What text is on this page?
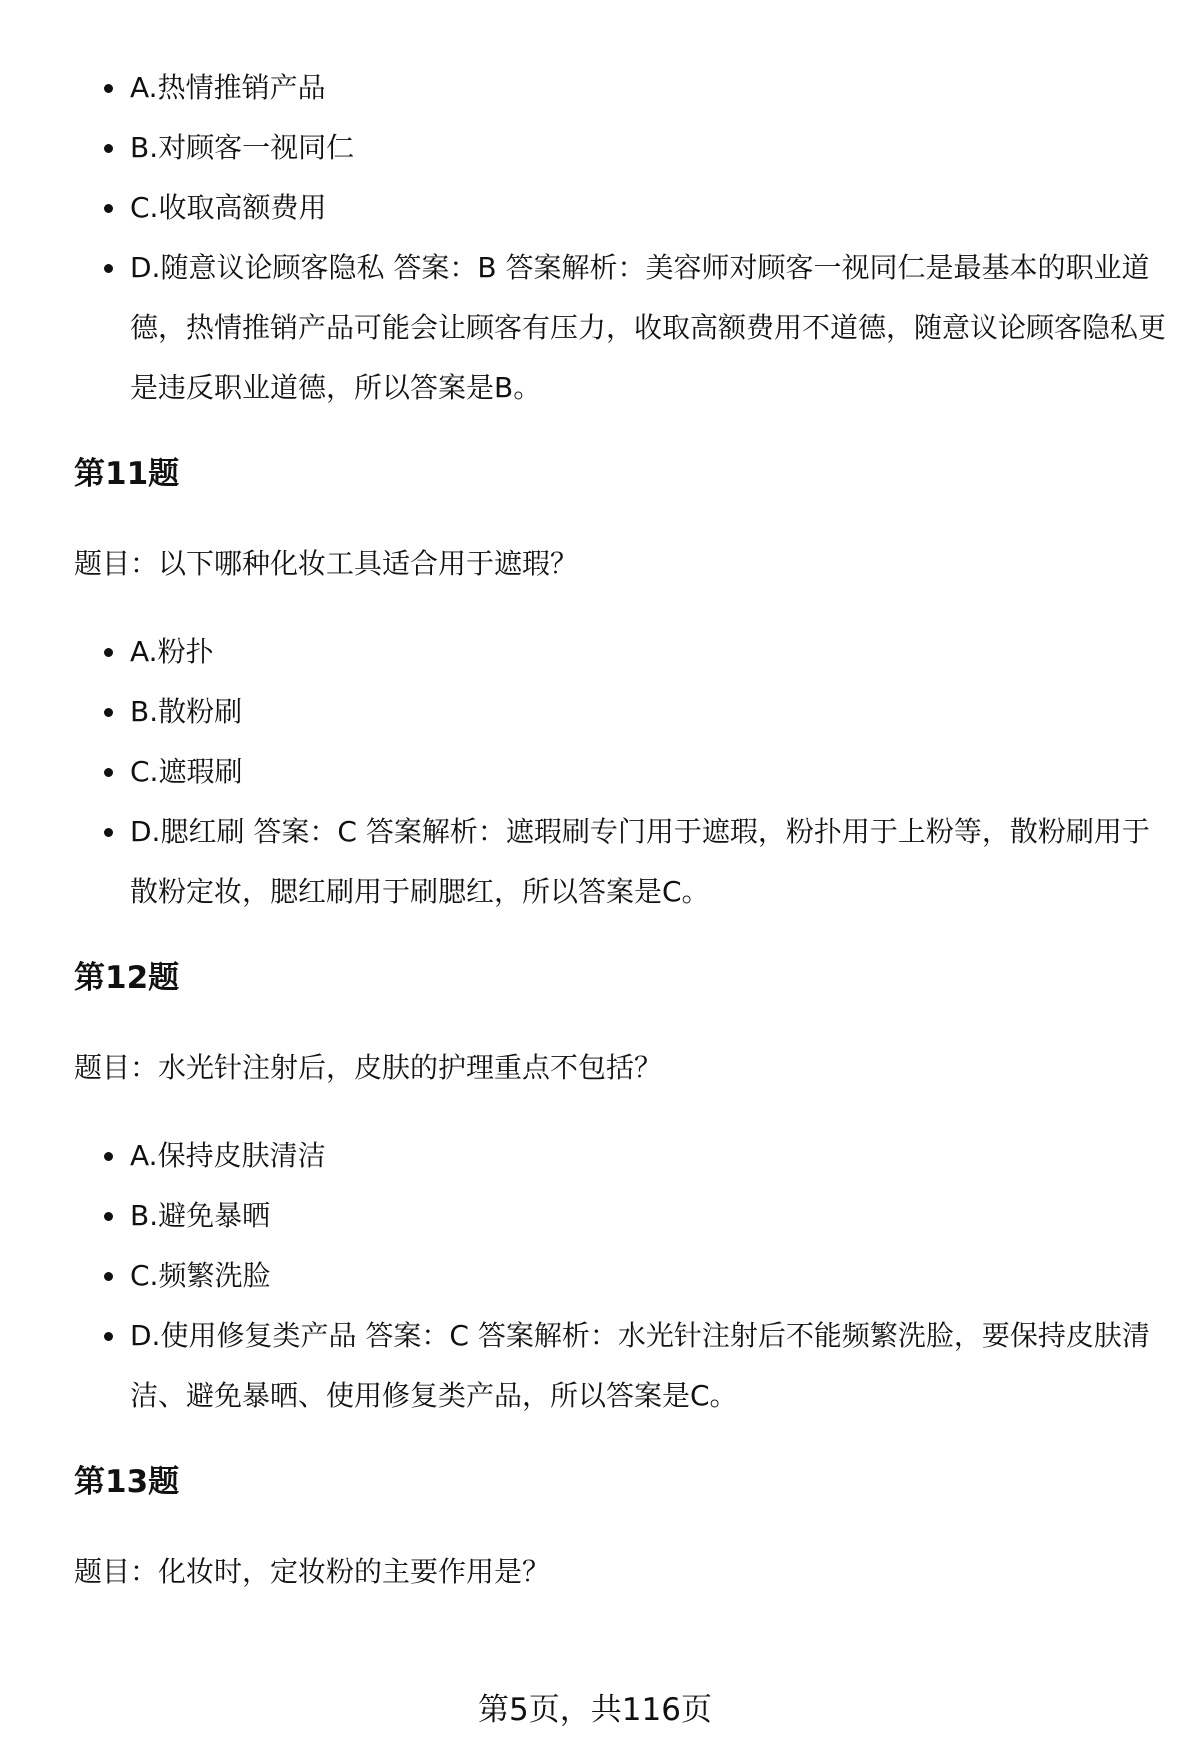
A.热情推销产品
B.对顾客一视同仁
C.收取高额费用
D.随意议论顾客隐私 答案：B 答案解析：美容师对顾客一视同仁是最基本的职业道德，热情推销产品可能会让顾客有压力，收取高额费用不道德，随意议论顾客隐私更是违反职业道德，所以答案是B。
第11题

题目：以下哪种化妆工具适合用于遮瑕？

A.粉扑
B.散粉刷
C.遮瑕刷
D.腮红刷 答案：C 答案解析：遮瑕刷专门用于遮瑕，粉扑用于上粉等，散粉刷用于散粉定妆，腮红刷用于刷腮红，所以答案是C。
第12题

题目：水光针注射后，皮肤的护理重点不包括？

A.保持皮肤清洁
B.避免暴晒
C.频繁洗脸
D.使用修复类产品 答案：C 答案解析：水光针注射后不能频繁洗脸，要保持皮肤清洁、避免暴晒、使用修复类产品，所以答案是C。
第13题

题目：化妆时，定妆粉的主要作用是？

第5页，共116页
